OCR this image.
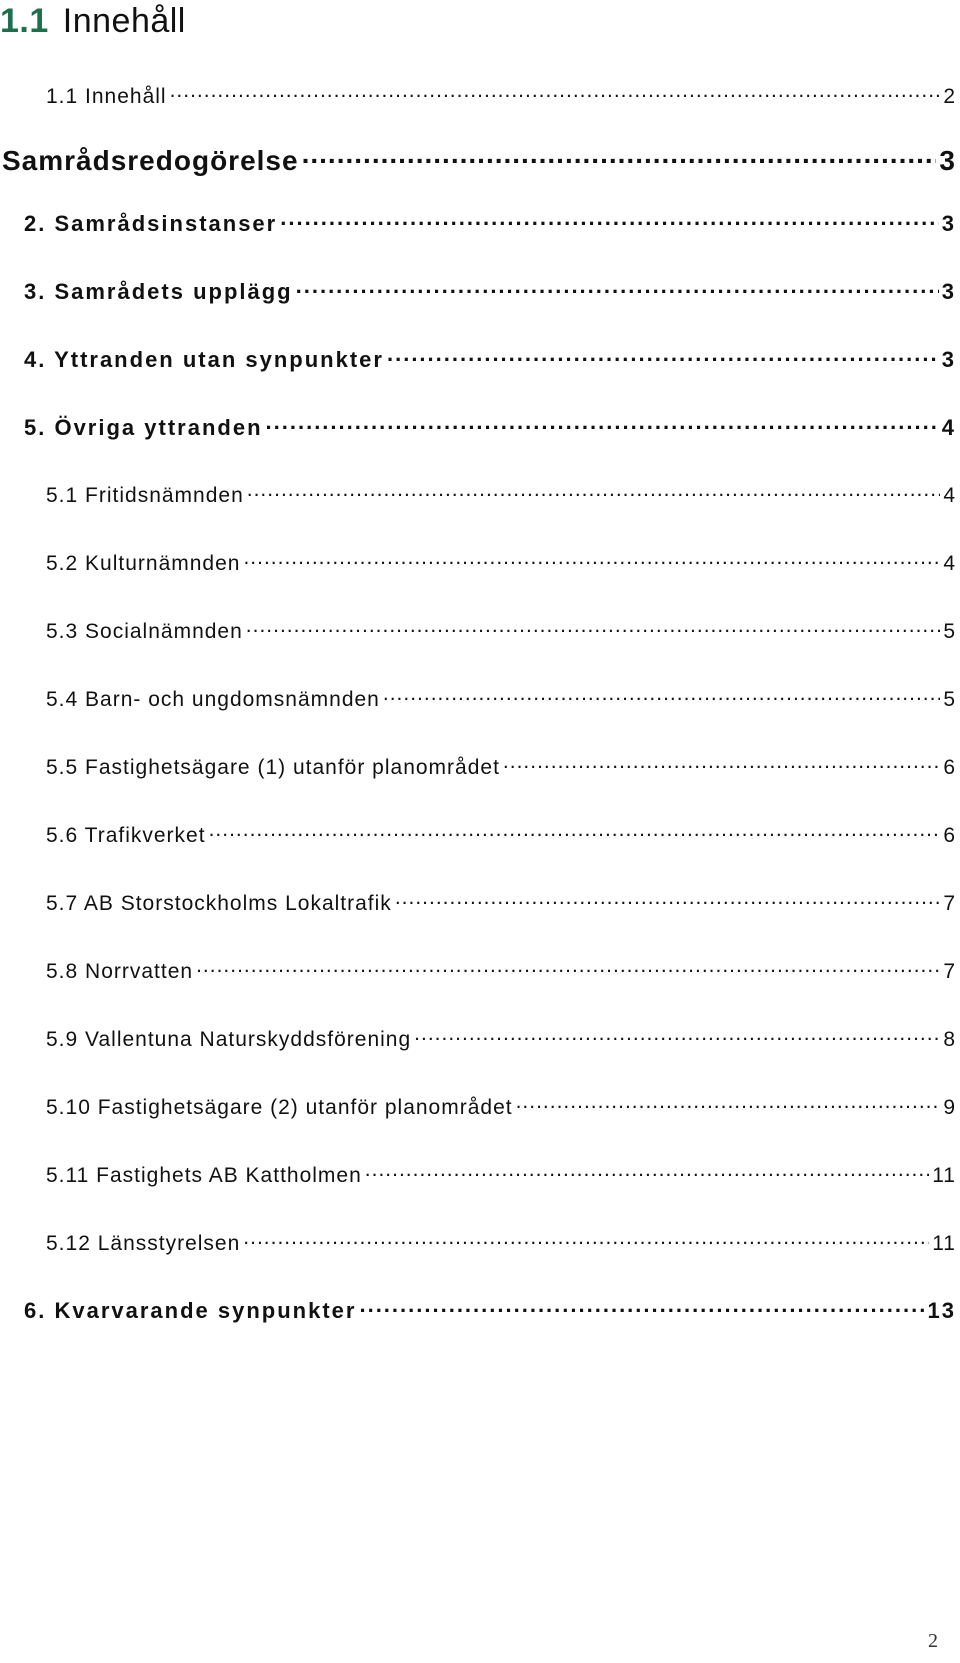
1.1 Innehåll
1.1 Innehåll .....	2
Samrådsredogörelse .....	3
2. Samrådsinstanser .....	3
3. Samrådets upplägg .....	3
4. Yttranden utan synpunkter .....	3
5. Övriga yttranden .....	4
5.1 Fritidsnämnden .....	4
5.2 Kulturnämnden .....	4
5.3 Socialnämnden .....	5
5.4 Barn- och ungdomsnämnden .....	5
5.5 Fastighetsägare (1) utanför planområdet .....	6
5.6 Trafikverket .....	6
5.7 AB Storstockholms Lokaltrafik .....	7
5.8 Norrvatten .....	7
5.9 Vallentuna Naturskyddsförening .....	8
5.10 Fastighetsägare (2) utanför planområdet .....	9
5.11 Fastighets AB Kattholmen .....	11
5.12 Länsstyrelsen .....	11
6. Kvarvarande synpunkter .....	13
2
